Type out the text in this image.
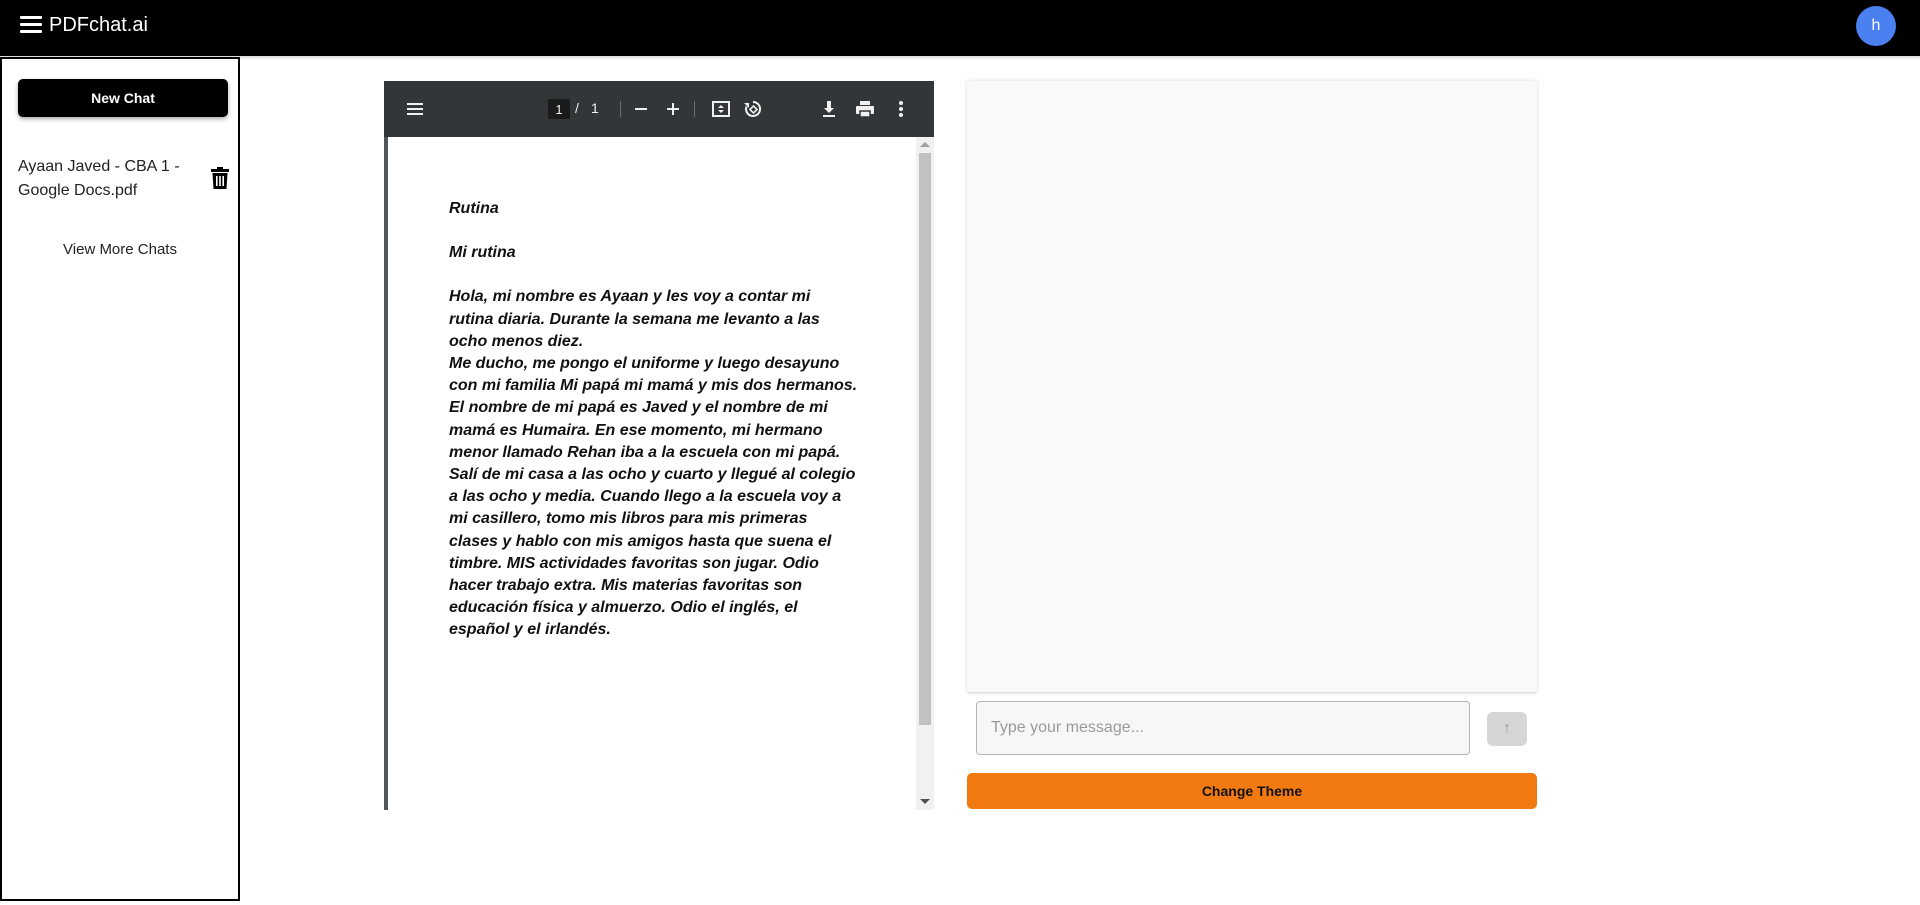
PDFchat.ai	h
New Chat
Ayaan Javed - CBA 1 - Google Docs.pdf
View More Chats
1
/ 1

Rutina

Mi rutina

Hola, mi nombre es Ayaan y les voy a contar mi rutina diaria. Durante la semana me levanto a las ocho menos diez.

Me ducho, me pongo el uniforme y luego desayuno con mi familia Mi papá mi mamá y mis dos hermanos. El nombre de mi papá es Javed y el nombre de mi mamá es Humaira. En ese momento, mi hermano menor llamado Rehan iba a la escuela con mi papá. Salí de mi casa a las ocho y cuarto y llegué al colegio a las ocho y media. Cuando llego a la escuela voy a mi casillero, tomo mis libros para mis primeras clases y hablo con mis amigos hasta que suena el timbre. MIS actividades favoritas son jugar. Odio hacer trabajo extra. Mis materias favoritas son educación física y almuerzo. Odio el inglés, el español y el irlandés.

Type your message...
↑
Change Theme
